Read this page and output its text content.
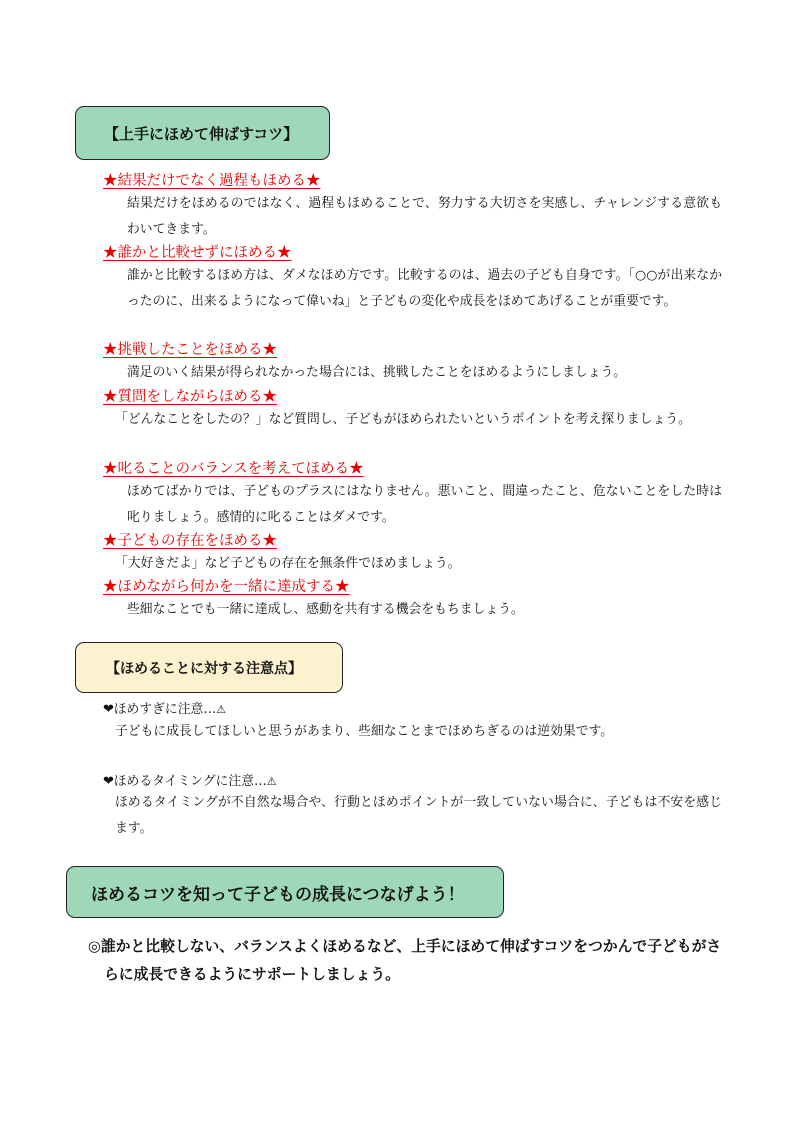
【上手にほめて伸ばすコツ】
★結果だけでなく過程もほめる★

結果だけをほめるのではなく、過程もほめることで、努力する大切さを実感し、チャレンジする意欲もわいてきます。

★誰かと比較せずにほめる★

誰かと比較するほめ方は、ダメなほめ方です。比較するのは、過去の子ども自身です。「○○が出来なかったのに、出来るようになって偉いね」と子どもの変化や成長をほめてあげることが重要です。

★挑戦したことをほめる★

満足のいく結果が得られなかった場合には、挑戦したことをほめるようにしましょう。

★質問をしながらほめる★

「どんなことをしたの？」など質問し、子どもがほめられたいというポイントを考え探りましょう。

★叱ることのバランスを考えてほめる★

ほめてばかりでは、子どものプラスにはなりません。悪いこと、間違ったこと、危ないことをした時は叱りましょう。感情的に叱ることはダメです。

★子どもの存在をほめる★

「大好きだよ」など子どもの存在を無条件でほめましょう。

★ほめながら何かを一緒に達成する★

些細なことでも一緒に達成し、感動を共有する機会をもちましょう。

【ほめることに対する注意点】
❤ほめすぎに注意…⚠

子どもに成長してほしいと思うがあまり、些細なことまでほめちぎるのは逆効果です。

❤ほめるタイミングに注意…⚠

ほめるタイミングが不自然な場合や、行動とほめポイントが一致していない場合に、子どもは不安を感じます。

ほめるコツを知って子どもの成長につなげよう！

◎誰かと比較しない、バランスよくほめるなど、上手にほめて伸ばすコツをつかんで子どもがさらに成長できるようにサポートしましょう。
